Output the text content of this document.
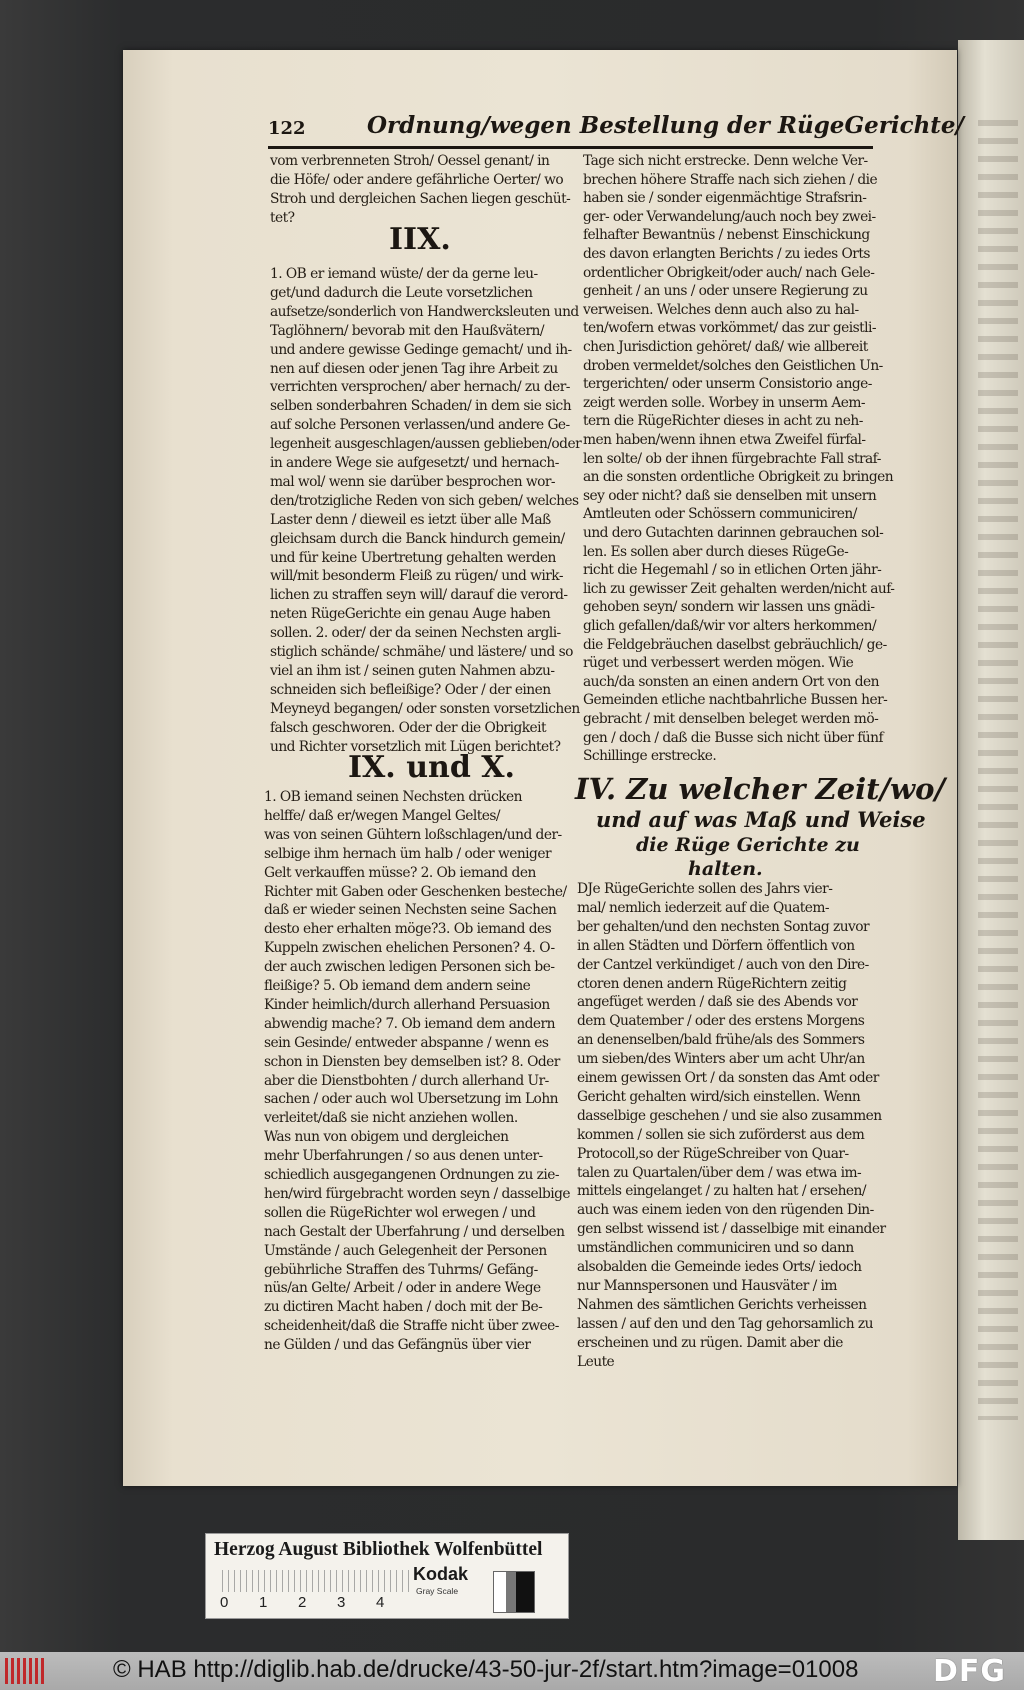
122	Ordnung/wegen Bestellung der RügeGerichte/
vom verbrenneten Stroh/ Oessel genant/ in
die Höfe/ oder andere gefährliche Oerter/ wo
Stroh und dergleichen Sachen liegen geschüt-
tet?
IIX.
1. OB er iemand wüste/ der da gerne leu-
get/und dadurch die Leute vorsetzlichen
aufsetze/sonderlich von Handwercksleuten und
Taglöhnern/ bevorab mit den Haußvätern/
und andere gewisse Gedinge gemacht/ und ih-
nen auf diesen oder jenen Tag ihre Arbeit zu
verrichten versprochen/ aber hernach/ zu der-
selben sonderbahren Schaden/ in dem sie sich
auf solche Personen verlassen/und andere Ge-
legenheit ausgeschlagen/aussen geblieben/oder
in andere Wege sie aufgesetzt/ und hernach-
mal wol/ wenn sie darüber besprochen wor-
den/trotzigliche Reden von sich geben/ welches
Laster denn / dieweil es ietzt über alle Maß
gleichsam durch die Banck hindurch gemein/
und für keine Ubertretung gehalten werden
will/mit besonderm Fleiß zu rügen/ und wirk-
lichen zu straffen seyn will/ darauf die verord-
neten RügeGerichte ein genau Auge haben
sollen. 2. oder/ der da seinen Nechsten argli-
stiglich schände/ schmähe/ und lästere/ und so
viel an ihm ist / seinen guten Nahmen abzu-
schneiden sich befleißige? Oder / der einen
Meyneyd begangen/ oder sonsten vorsetzlichen
falsch geschworen. Oder der die Obrigkeit
und Richter vorsetzlich mit Lügen berichtet?
IX. und X.
1. OB iemand seinen Nechsten drücken
helffe/ daß er/wegen Mangel Geltes/
was von seinen Gühtern loßschlagen/und der-
selbige ihm hernach üm halb / oder weniger
Gelt verkauffen müsse? 2. Ob iemand den
Richter mit Gaben oder Geschenken besteche/
daß er wieder seinen Nechsten seine Sachen
desto eher erhalten möge?3. Ob iemand des
Kuppeln zwischen ehelichen Personen? 4. O-
der auch zwischen ledigen Personen sich be-
fleißige? 5. Ob iemand dem andern seine
Kinder heimlich/durch allerhand Persuasion
abwendig mache? 7. Ob iemand dem andern
sein Gesinde/ entweder abspanne / wenn es
schon in Diensten bey demselben ist? 8. Oder
aber die Dienstbohten / durch allerhand Ur-
sachen / oder auch wol Ubersetzung im Lohn
verleitet/daß sie nicht anziehen wollen.
Was nun von obigem und dergleichen
mehr Uberfahrungen / so aus denen unter-
schiedlich ausgegangenen Ordnungen zu zie-
hen/wird fürgebracht worden seyn / dasselbige
sollen die RügeRichter wol erwegen / und
nach Gestalt der Uberfahrung / und derselben
Umstände / auch Gelegenheit der Personen
gebührliche Straffen des Tuhrms/ Gefäng-
nüs/an Gelte/ Arbeit / oder in andere Wege
zu dictiren Macht haben / doch mit der Be-
scheidenheit/daß die Straffe nicht über zwee-
ne Gülden / und das Gefängnüs über vier
Tage sich nicht erstrecke. Denn welche Ver-
brechen höhere Straffe nach sich ziehen / die
haben sie / sonder eigenmächtige Strafsrin-
ger- oder Verwandelung/auch noch bey zwei-
felhafter Bewantnüs / nebenst Einschickung
des davon erlangten Berichts / zu iedes Orts
ordentlicher Obrigkeit/oder auch/ nach Gele-
genheit / an uns / oder unsere Regierung zu
verweisen. Welches denn auch also zu hal-
ten/wofern etwas vorkömmet/ das zur geistli-
chen Jurisdiction gehöret/ daß/ wie allbereit
droben vermeldet/solches den Geistlichen Un-
tergerichten/ oder unserm Consistorio ange-
zeigt werden solle. Worbey in unserm Aem-
tern die RügeRichter dieses in acht zu neh-
men haben/wenn ihnen etwa Zweifel fürfal-
len solte/ ob der ihnen fürgebrachte Fall straf-
an die sonsten ordentliche Obrigkeit zu bringen
sey oder nicht? daß sie denselben mit unsern
Amtleuten oder Schössern communiciren/
und dero Gutachten darinnen gebrauchen sol-
len. Es sollen aber durch dieses RügeGe-
richt die Hegemahl / so in etlichen Orten jähr-
lich zu gewisser Zeit gehalten werden/nicht auf-
gehoben seyn/ sondern wir lassen uns gnädi-
glich gefallen/daß/wir vor alters herkommen/
die Feldgebräuchen daselbst gebräuchlich/ ge-
rüget und verbessert werden mögen. Wie
auch/da sonsten an einen andern Ort von den
Gemeinden etliche nachtbahrliche Bussen her-
gebracht / mit denselben beleget werden mö-
gen / doch / daß die Busse sich nicht über fünf
Schillinge erstrecke.
IV. Zu welcher Zeit/wo/
und auf was Maß und Weise
die Rüge Gerichte zu
halten.
DJe RügeGerichte sollen des Jahrs vier-
mal/ nemlich iederzeit auf die Quatem-
ber gehalten/und den nechsten Sontag zuvor
in allen Städten und Dörfern öffentlich von
der Cantzel verkündiget / auch von den Dire-
ctoren denen andern RügeRichtern zeitig
angefüget werden / daß sie des Abends vor
dem Quatember / oder des erstens Morgens
an denenselben/bald frühe/als des Sommers
um sieben/des Winters aber um acht Uhr/an
einem gewissen Ort / da sonsten das Amt oder
Gericht gehalten wird/sich einstellen. Wenn
dasselbige geschehen / und sie also zusammen
kommen / sollen sie sich zuförderst aus dem
Protocoll,so der RügeSchreiber von Quar-
talen zu Quartalen/über dem / was etwa im-
mittels eingelanget / zu halten hat / ersehen/
auch was einem ieden von den rügenden Din-
gen selbst wissend ist / dasselbige mit einander
umständlichen communiciren und so dann
alsobalden die Gemeinde iedes Orts/ iedoch
nur Mannspersonen und Hausväter / im
Nahmen des sämtlichen Gerichts verheissen
lassen / auf den und den Tag gehorsamlich zu
erscheinen und zu rügen. Damit aber die
Leute
Herzog August Bibliothek Wolfenbüttel
0 1 2 3 4
Kodak
Gray Scale
© HAB http://diglib.hab.de/drucke/43-50-jur-2f/start.htm?image=01008 DFG
